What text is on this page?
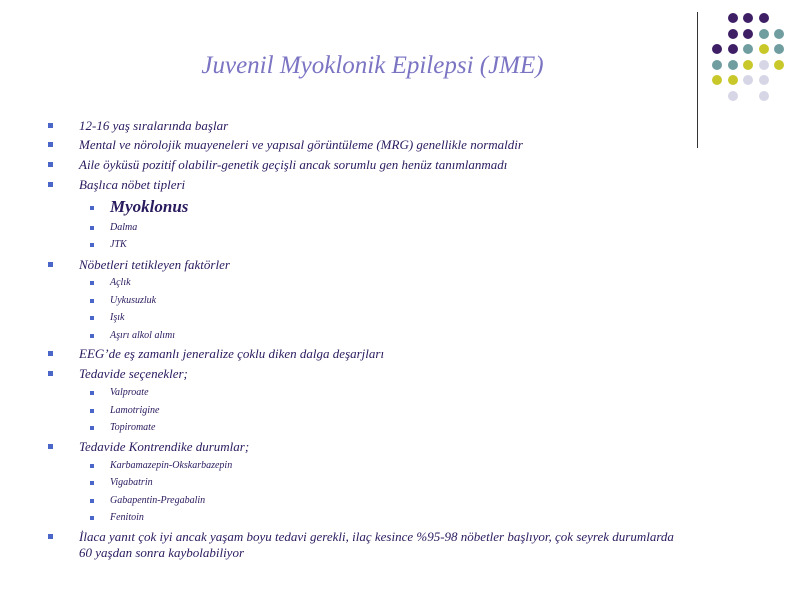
Juvenil Myoklonik Epilepsi (JME)
12-16 yaş sıralarında başlar
Mental ve nörolojik muayeneleri ve yapısal görüntüleme (MRG) genellikle normaldir
Aile öyküsü pozitif olabilir-genetik geçişli ancak sorumlu gen henüz tanımlanmadı
Başlıca nöbet tipleri
Myoklonus
Dalma
JTK
Nöbetleri tetikleyen faktörler
Açlık
Uykusuzluk
Işık
Aşırı alkol alımı
EEG’de eş zamanlı jeneralize çoklu diken dalga deşarjları
Tedavide seçenekler;
Valproate
Lamotrigine
Topiromate
Tedavide Kontrendike durumlar;
Karbamazepin-Okskarbazepin
Vigabatrin
Gabapentin-Pregabalin
Fenitoin
İlaca yanıt çok iyi ancak yaşam boyu tedavi gerekli, ilaç kesince %95-98 nöbetler başlıyor, çok seyrek durumlarda
60 yaşdan sonra kaybolabiliyor
